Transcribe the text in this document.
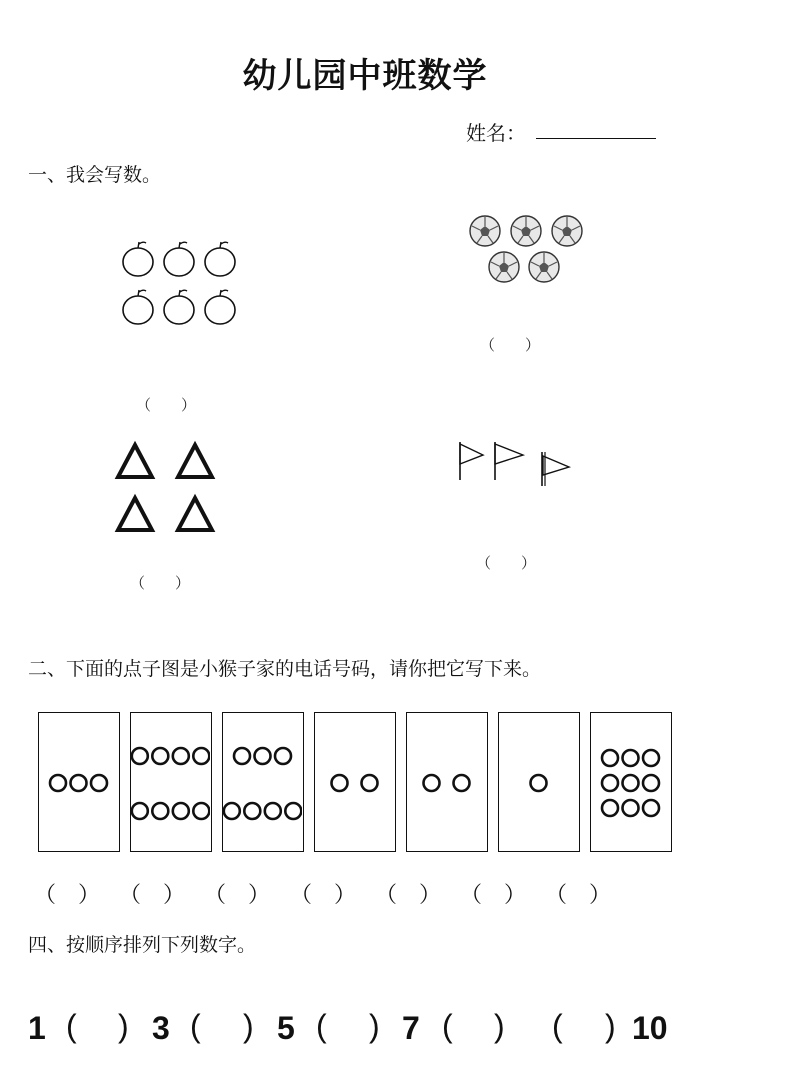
幼儿园中班数学
姓名：
一、我会写数。
（　　）
（　　）
（　　）
（　　）
二、下面的点子图是小猴子家的电话号码，请你把它写下来。
（　） （　） （　） （　） （　） （　） （　）
四、按顺序排列下列数字。
1	3	5	7	10
( ) ( ) ( ) ( ) ( )
